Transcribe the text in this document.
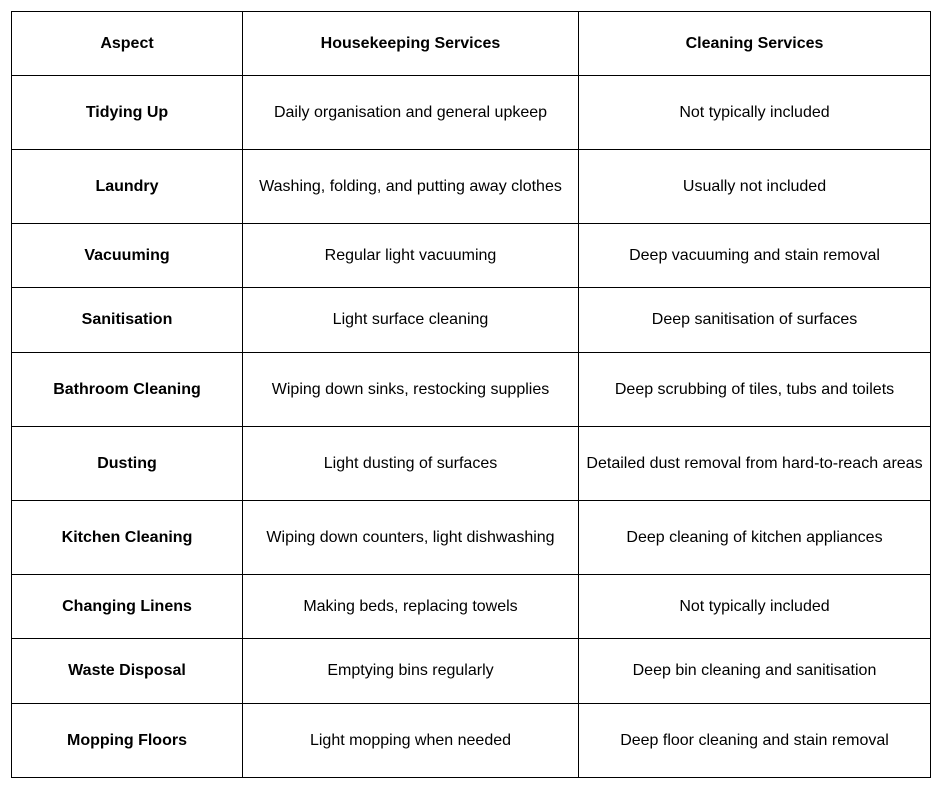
Aspect	Housekeeping Services	Cleaning Services
Tidying Up	Daily organisation and general upkeep	Not typically included
Laundry	Washing, folding, and putting away clothes	Usually not included
Vacuuming	Regular light vacuuming	Deep vacuuming and stain removal
Sanitisation	Light surface cleaning	Deep sanitisation of surfaces
Bathroom Cleaning	Wiping down sinks, restocking supplies	Deep scrubbing of tiles, tubs and toilets
Dusting	Light dusting of surfaces	Detailed dust removal from hard-to-reach areas
Kitchen Cleaning	Wiping down counters, light dishwashing	Deep cleaning of kitchen appliances
Changing Linens	Making beds, replacing towels	Not typically included
Waste Disposal	Emptying bins regularly	Deep bin cleaning and sanitisation
Mopping Floors	Light mopping when needed	Deep floor cleaning and stain removal
